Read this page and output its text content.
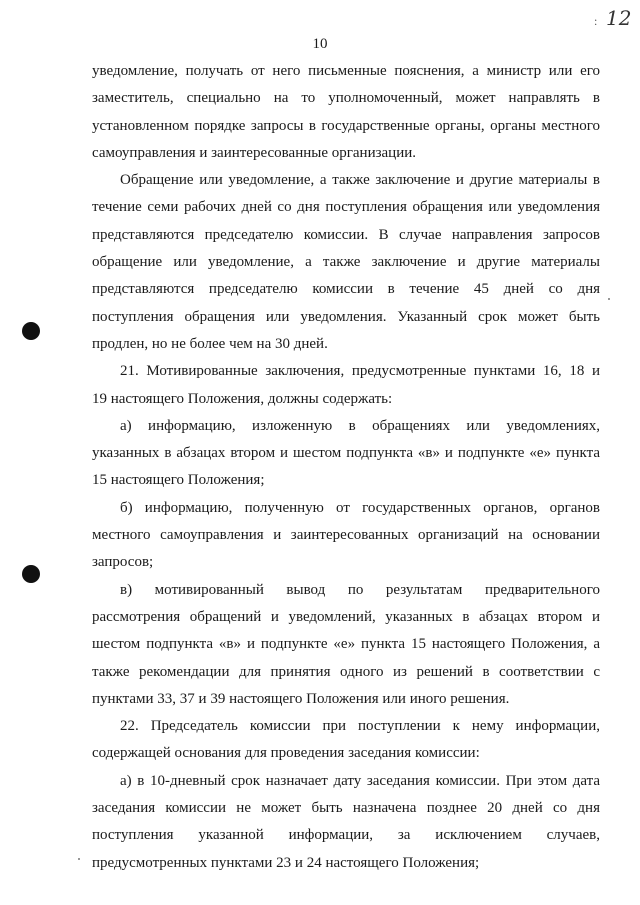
: 12
10

уведомление, получать от него письменные пояснения, а министр или его

заместитель, специально на то уполномоченный, может направлять в

установленном порядке запросы в государственные органы, органы местного

самоуправления и заинтересованные организации.

Обращение или уведомление, а также заключение и другие материалы в

течение семи рабочих дней со дня поступления обращения или уведомления

представляются председателю комиссии. В случае направления запросов

обращение или уведомление, а также заключение и другие материалы

представляются председателю комиссии в течение 45 дней со дня

поступления обращения или уведомления. Указанный срок может быть

продлен, но не более чем на 30 дней.

21. Мотивированные заключения, предусмотренные пунктами 16, 18 и

19 настоящего Положения, должны содержать:

а) информацию, изложенную в обращениях или уведомлениях,

указанных в абзацах втором и шестом подпункта «в» и подпункте «е» пункта

15 настоящего Положения;

б) информацию, полученную от государственных органов, органов

местного самоуправления и заинтересованных организаций на основании

запросов;

в) мотивированный вывод по результатам предварительного

рассмотрения обращений и уведомлений, указанных в абзацах втором и

шестом подпункта «в» и подпункте «е» пункта 15 настоящего Положения, а

также рекомендации для принятия одного из решений в соответствии с

пунктами 33, 37 и 39 настоящего Положения или иного решения.

22. Председатель комиссии при поступлении к нему информации,

содержащей основания для проведения заседания комиссии:

а) в 10-дневный срок назначает дату заседания комиссии. При этом дата

заседания комиссии не может быть назначена позднее 20 дней со дня

поступления указанной информации, за исключением случаев,

предусмотренных пунктами 23 и 24 настоящего Положения;
